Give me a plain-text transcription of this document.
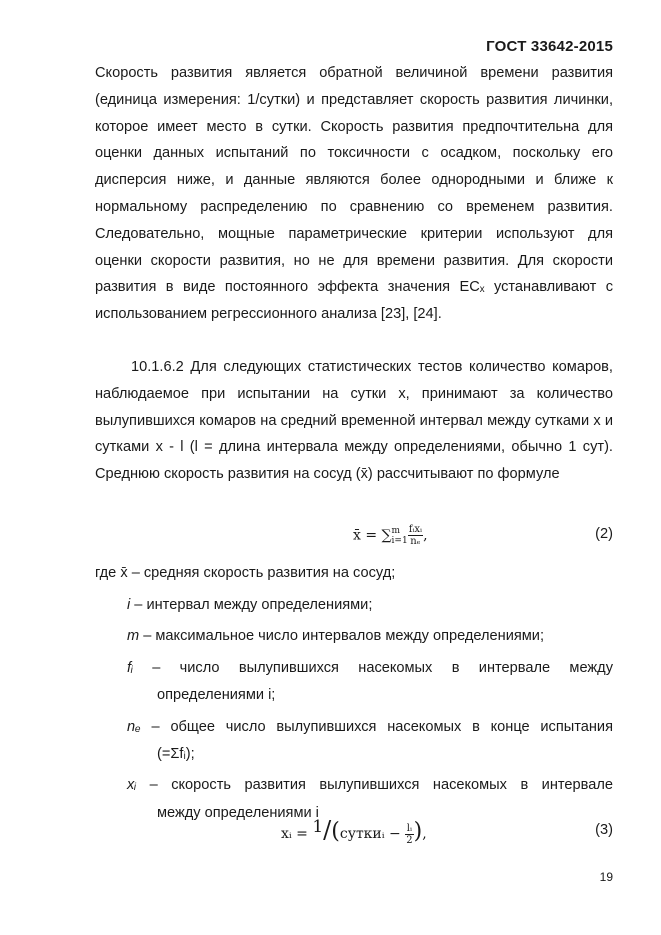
ГОСТ 33642-2015

Скорость развития является обратной величиной времени развития (единица измерения: 1/сутки) и представляет скорость развития личинки, которое имеет место в сутки. Скорость развития предпочтительна для оценки данных испытаний по токсичности с осадком, поскольку его дисперсия ниже, и данные являются более однородными и ближе к нормальному распределению по сравнению со временем развития. Следовательно, мощные параметрические критерии используют для оценки скорости развития, но не для времени развития. Для скорости развития в виде постоянного эффекта значения ECₓ устанавливают с использованием регрессионного анализа [23], [24].

10.1.6.2 Для следующих статистических тестов количество комаров, наблюдаемое при испытании на сутки x, принимают за количество вылупившихся комаров на средний временной интервал между сутками x и сутками x - l (l = длина интервала между определениями, обычно 1 сут). Среднюю скорость развития на сосуд (x̄) рассчитывают по формуле

x̄ = ∑ m
$i=1 \frac{\text{fᵢxᵢ}}{\text{nₑ}}$ ,	(2)
где x̄ – средняя скорость развития на сосуд;
i – интервал между определениями;
m – максимальное число интервалов между определениями;
fᵢ – число вылупившихся насекомых в интервале между
определениями i;
nₑ – общее число вылупившихся насекомых в конце испытания
(=Σfᵢ);
xᵢ – скорость развития вылупившихся насекомых в интервале
между определениями i
xᵢ = 1/(суткиᵢ − $\frac{\text{lᵢ}}{2}$ ),	(3)
19
